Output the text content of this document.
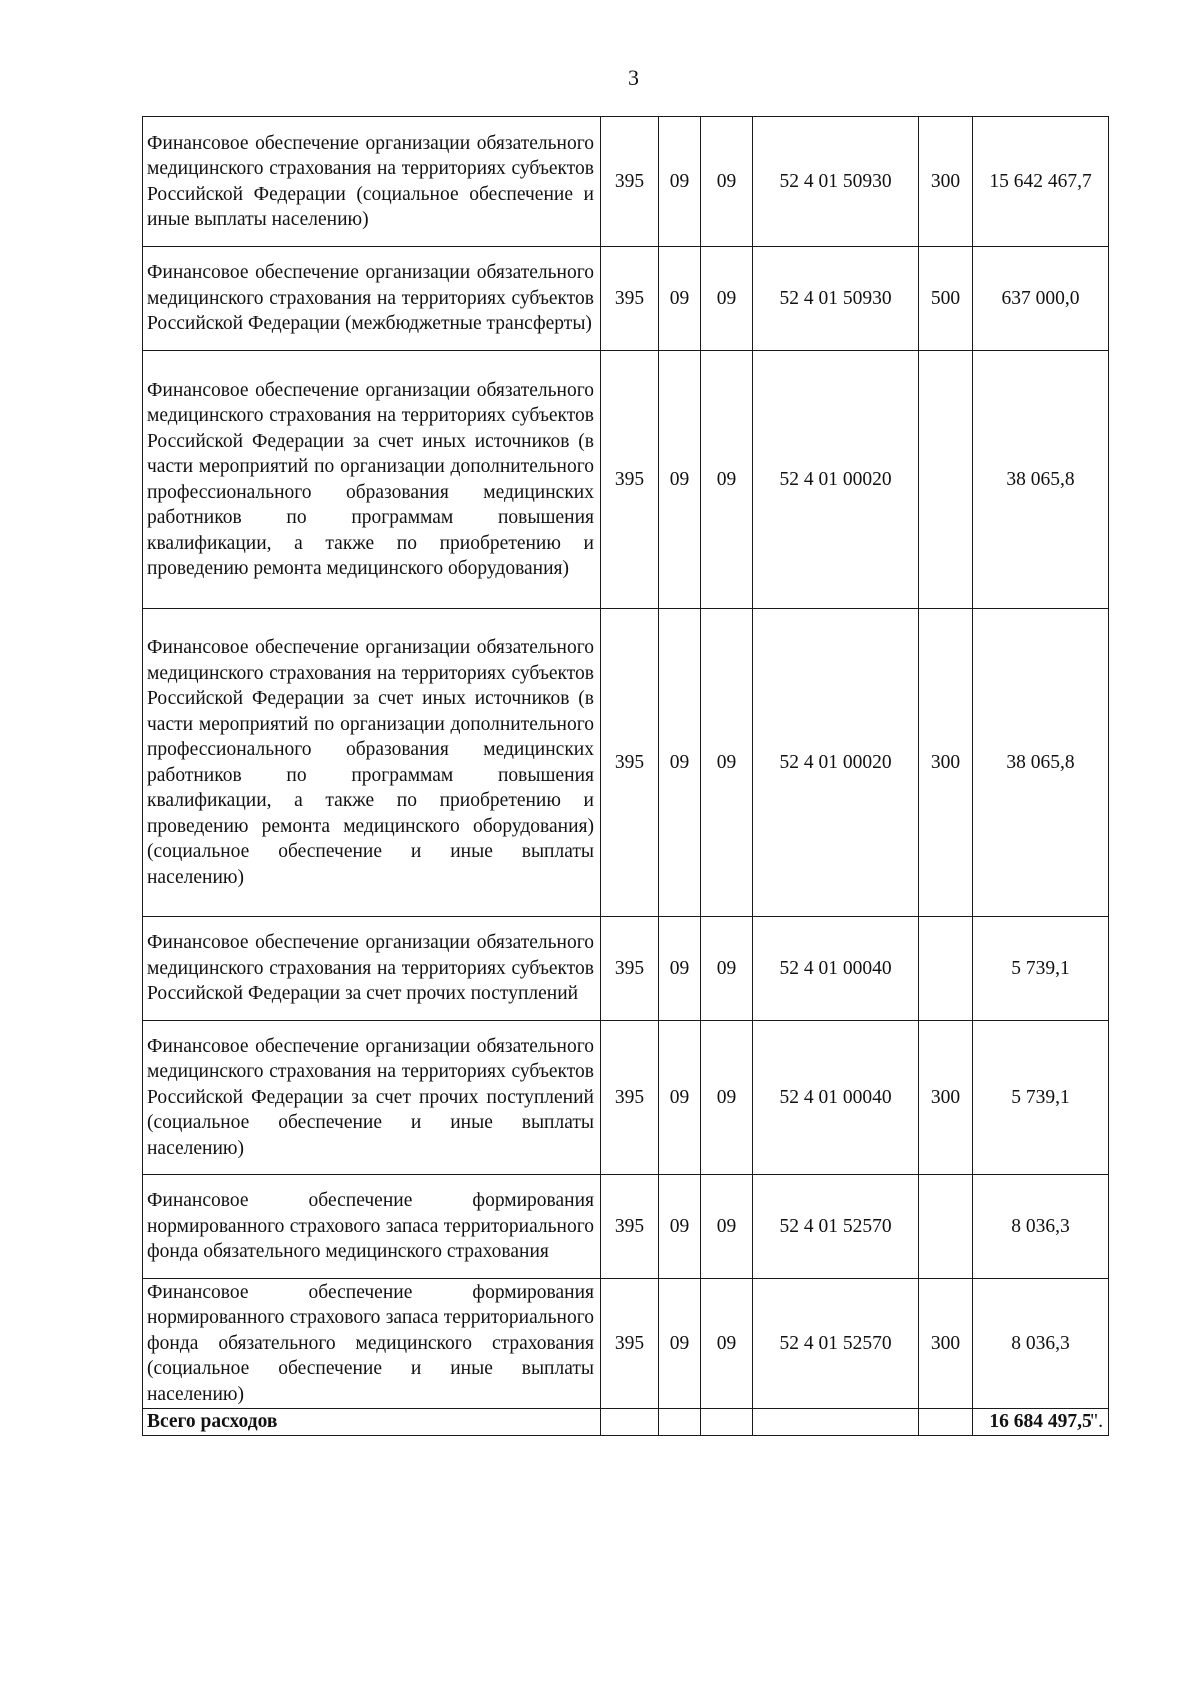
3
Финансовое обеспечение организации обязательного медицинского страхования на территориях субъектов Российской Федерации (социальное обеспечение и иные выплаты населению)	395	09	09	52 4 01 50930	300	15 642 467,7
Финансовое обеспечение организации обязательного медицинского страхования на территориях субъектов Российской Федерации (межбюджетные трансферты)	395	09	09	52 4 01 50930	500	637 000,0
Финансовое обеспечение организации обязательного медицинского страхования на территориях субъектов Российской Федерации за счет иных источников (в части мероприятий по организации дополнительного профессионального образования медицинских работников по программам повышения квалификации, а также по приобретению и проведению ремонта медицинского оборудования)	395	09	09	52 4 01 00020		38 065,8
Финансовое обеспечение организации обязательного медицинского страхования на территориях субъектов Российской Федерации за счет иных источников (в части мероприятий по организации дополнительного профессионального образования медицинских работников по программам повышения квалификации, а также по приобретению и проведению ремонта медицинского оборудования) (социальное обеспечение и иные выплаты населению)	395	09	09	52 4 01 00020	300	38 065,8
Финансовое обеспечение организации обязательного медицинского страхования на территориях субъектов Российской Федерации за счет прочих поступлений	395	09	09	52 4 01 00040		5 739,1
Финансовое обеспечение организации обязательного медицинского страхования на территориях субъектов Российской Федерации за счет прочих поступлений (социальное обеспечение и иные выплаты населению)	395	09	09	52 4 01 00040	300	5 739,1
Финансовое обеспечение формирования нормированного страхового запаса территориального фонда обязательного медицинского страхования	395	09	09	52 4 01 52570		8 036,3
Финансовое обеспечение формирования нормированного страхового запаса территориального фонда обязательного медицинского страхования (социальное обеспечение и иные выплаты населению)	395	09	09	52 4 01 52570	300	8 036,3
Всего расходов						16 684 497,5
".
